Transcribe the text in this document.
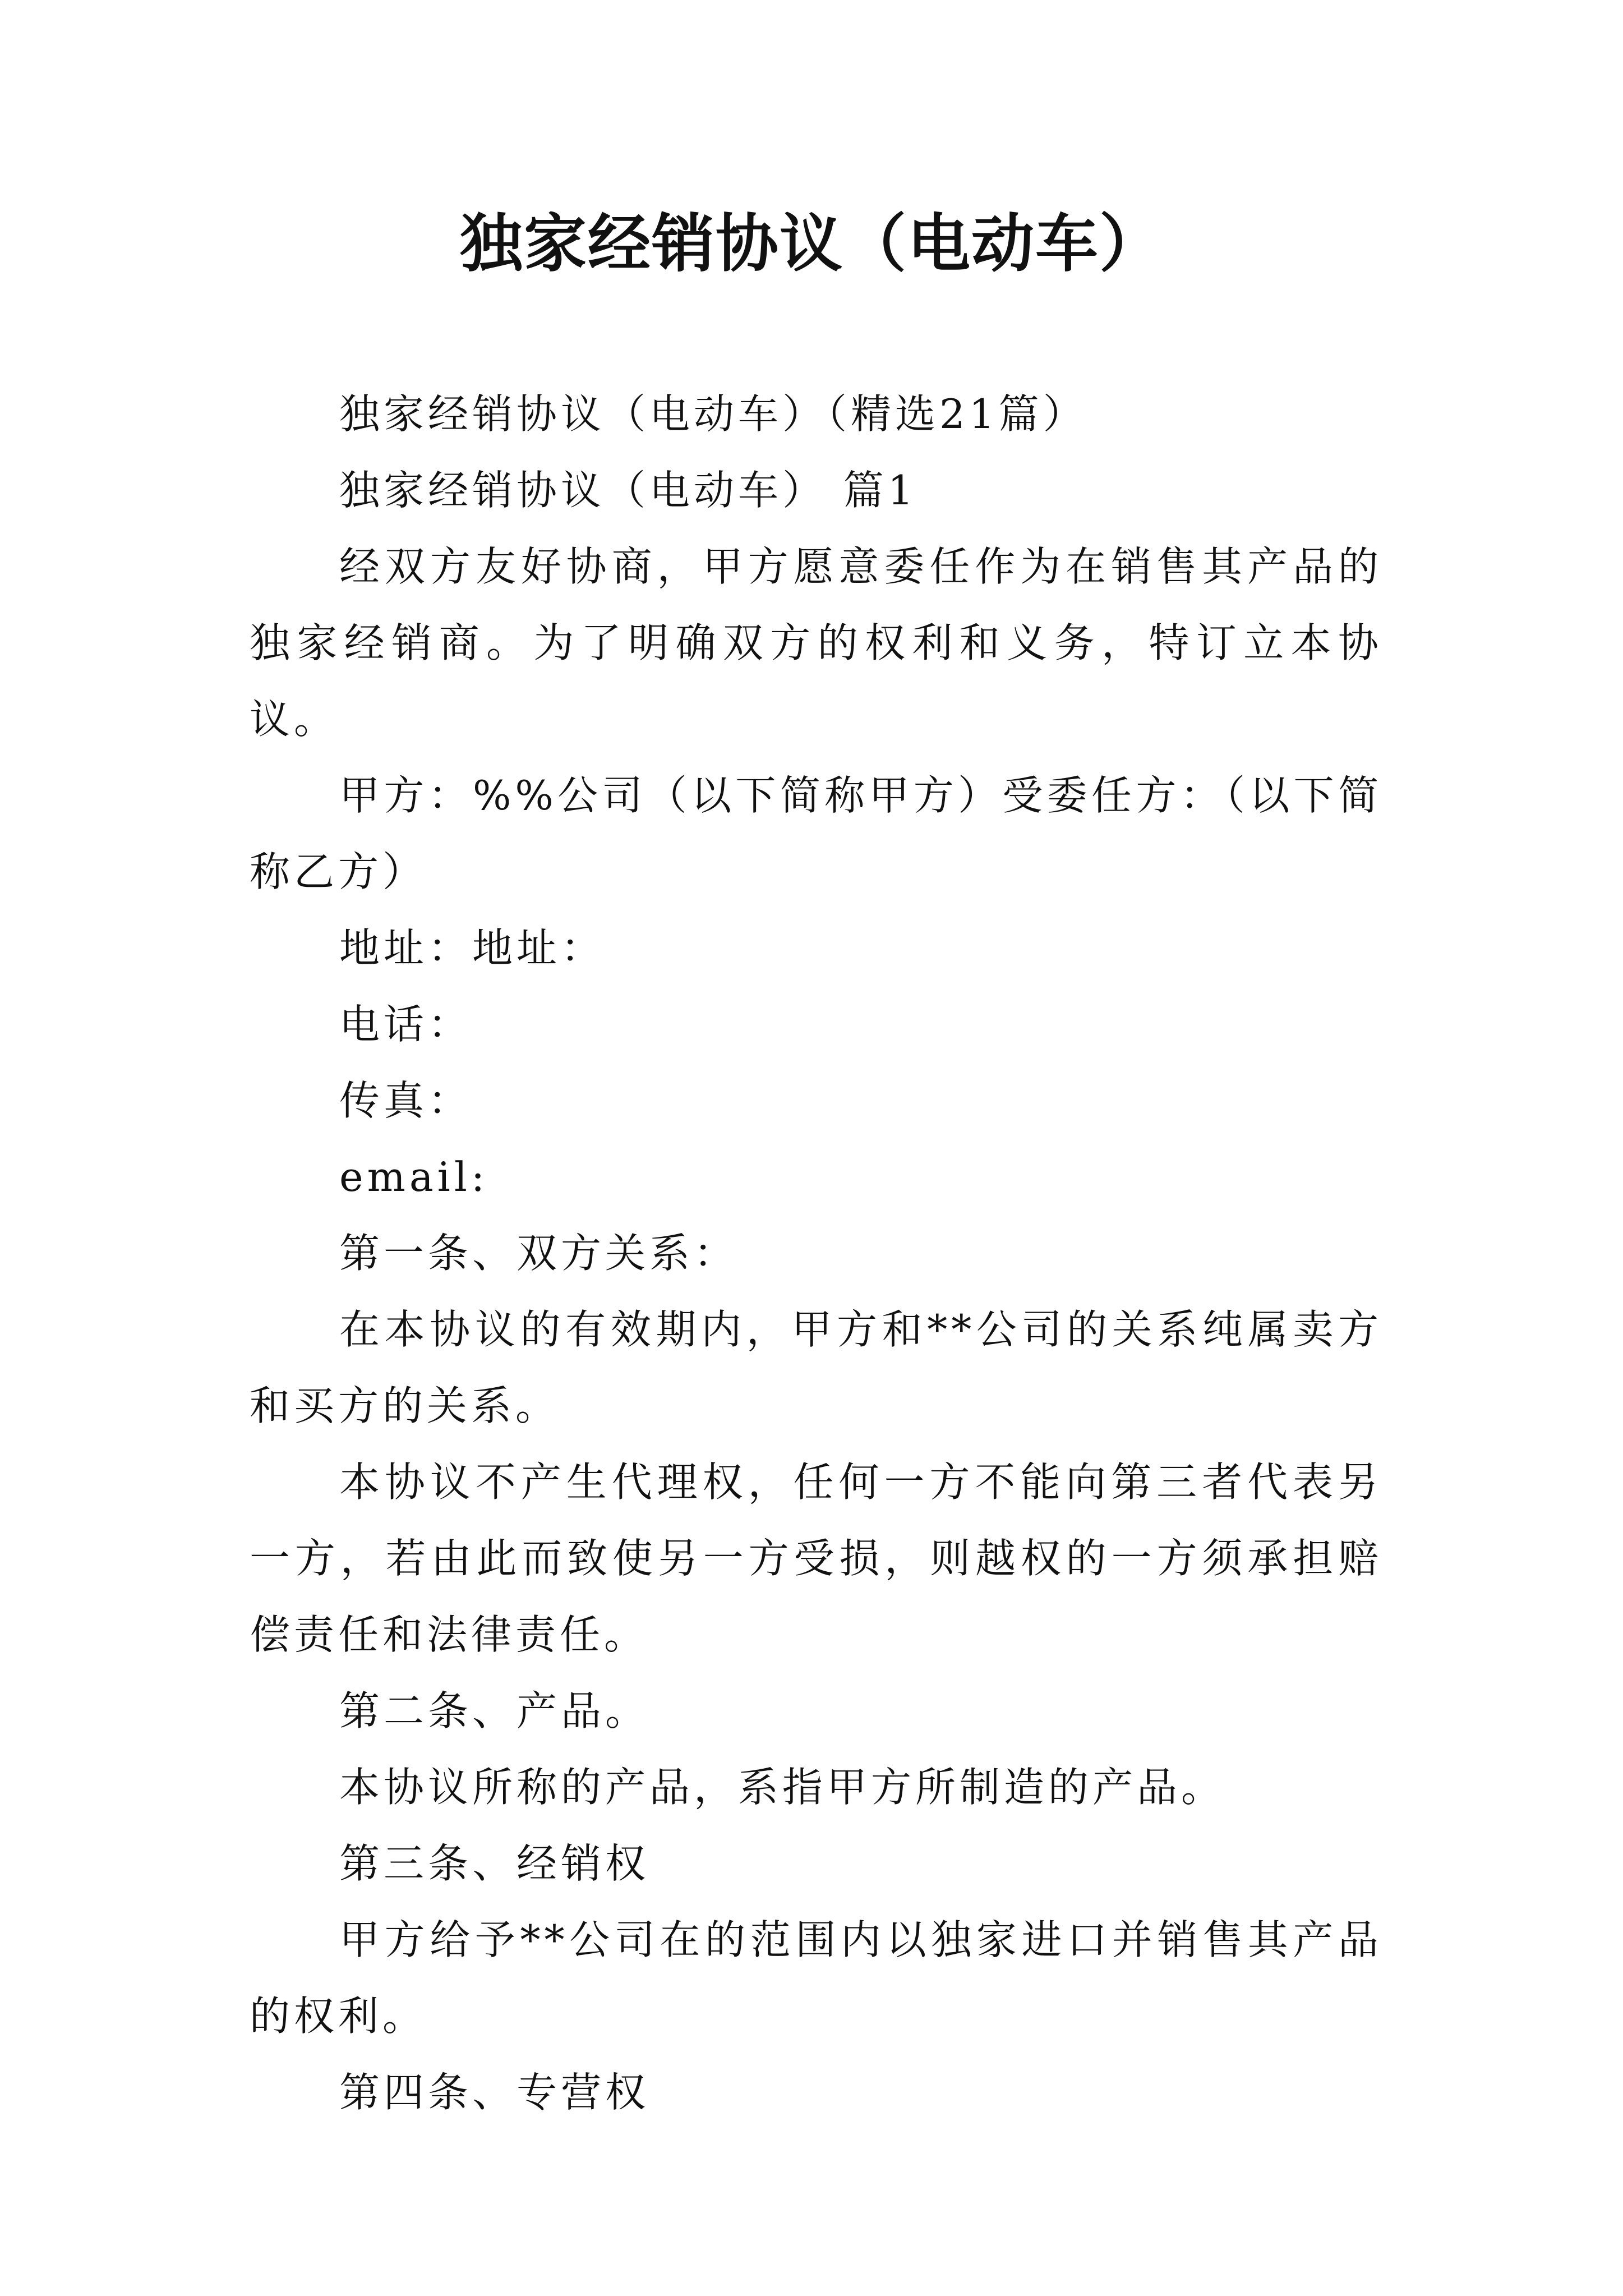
独家经销协议（电动车）

独家经销协议（电动车）（精选21篇）

独家经销协议（电动车） 篇1

经双方友好协商，甲方愿意委任作为在销售其产品的独家经销商。为了明确双方的权利和义务，特订立本协议。

甲方：%%公司（以下简称甲方）受委任方：（以下简称乙方）

地址：地址：

电话：

传真：

email:

第一条、双方关系：

在本协议的有效期内，甲方和**公司的关系纯属卖方和买方的关系。

本协议不产生代理权，任何一方不能向第三者代表另一方，若由此而致使另一方受损，则越权的一方须承担赔偿责任和法律责任。

第二条、产品。

本协议所称的产品，系指甲方所制造的产品。

第三条、经销权

甲方给予**公司在的范围内以独家进口并销售其产品的权利。

第四条、专营权
